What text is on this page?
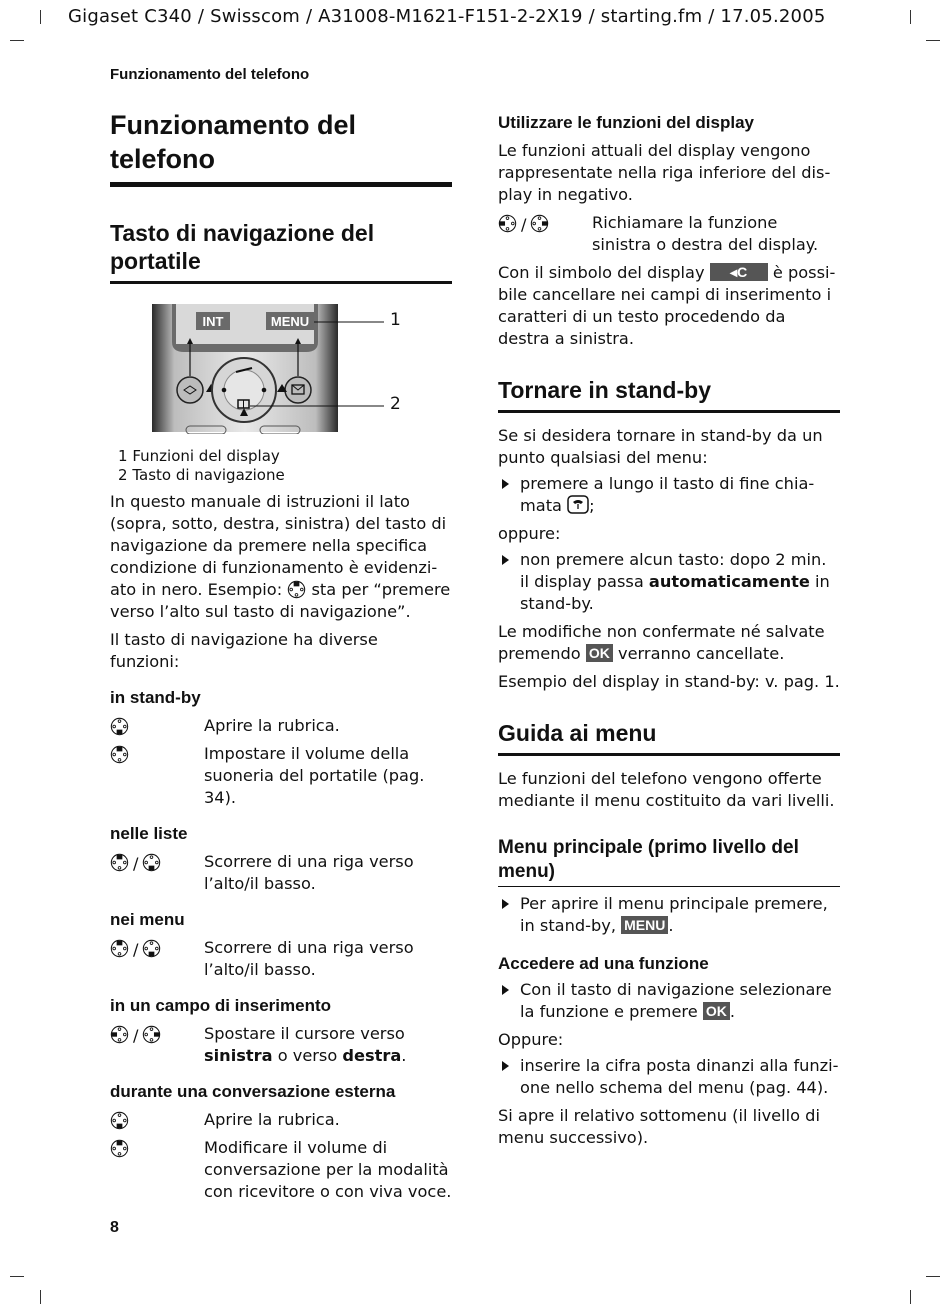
Gigaset C340 / Swisscom / A31008-M1621-F151-2-2X19 / starting.fm / 17.05.2005
Funzionamento del telefono
Funzionamento del telefono
Tasto di navigazione del portatile
INT	MENU	1
2
1 Funzioni del display
2 Tasto di navigazione

In questo manuale di istruzioni il lato (sopra, sotto, destra, sinistra) del tasto di navigazione da premere nella specifica condizione di funzionamento è evidenziato in nero. Esempio: sta per “premere verso l’alto sul tasto di navigazione”.

Il tasto di navigazione ha diverse funzioni:

in stand-by
Aprire la rubrica.
Impostare il volume della suoneria del portatile (pag. 34).
nelle liste
/	Scorrere di una riga verso l’alto/il basso.
nei menu
/	Scorrere di una riga verso l’alto/il basso.
in un campo di inserimento
/	Spostare il cursore verso sinistra o verso destra.
durante una conversazione esterna
Aprire la rubrica.
Modificare il volume di conversazione per la modalità con ricevitore o con viva voce.
Utilizzare le funzioni del display

Le funzioni attuali del display vengono rappresentate nella riga inferiore del display in negativo.

/	Richiamare la funzione sinistra o destra del display.

Con il simbolo del display ◂C è possibile cancellare nei campi di inserimento i caratteri di un testo procedendo da destra a sinistra.

Tornare in stand-by

Se si desidera tornare in stand-by da un punto qualsiasi del menu:

premere a lungo il tasto di fine chiamata ;

oppure:

non premere alcun tasto: dopo 2 min. il display passa automaticamente in stand-by.

Le modifiche non confermate né salvate premendo OK verranno cancellate.

Esempio del display in stand-by: v. pag. 1.

Guida ai menu

Le funzioni del telefono vengono offerte mediante il menu costituito da vari livelli.

Menu principale (primo livello del menu)
Per aprire il menu principale premere, in stand-by, MENU .
Accedere ad una funzione
Con il tasto di navigazione selezionare la funzione e premere OK .

Oppure:

inserire la cifra posta dinanzi alla funzione nello schema del menu (pag. 44).

Si apre il relativo sottomenu (il livello di menu successivo).

8
